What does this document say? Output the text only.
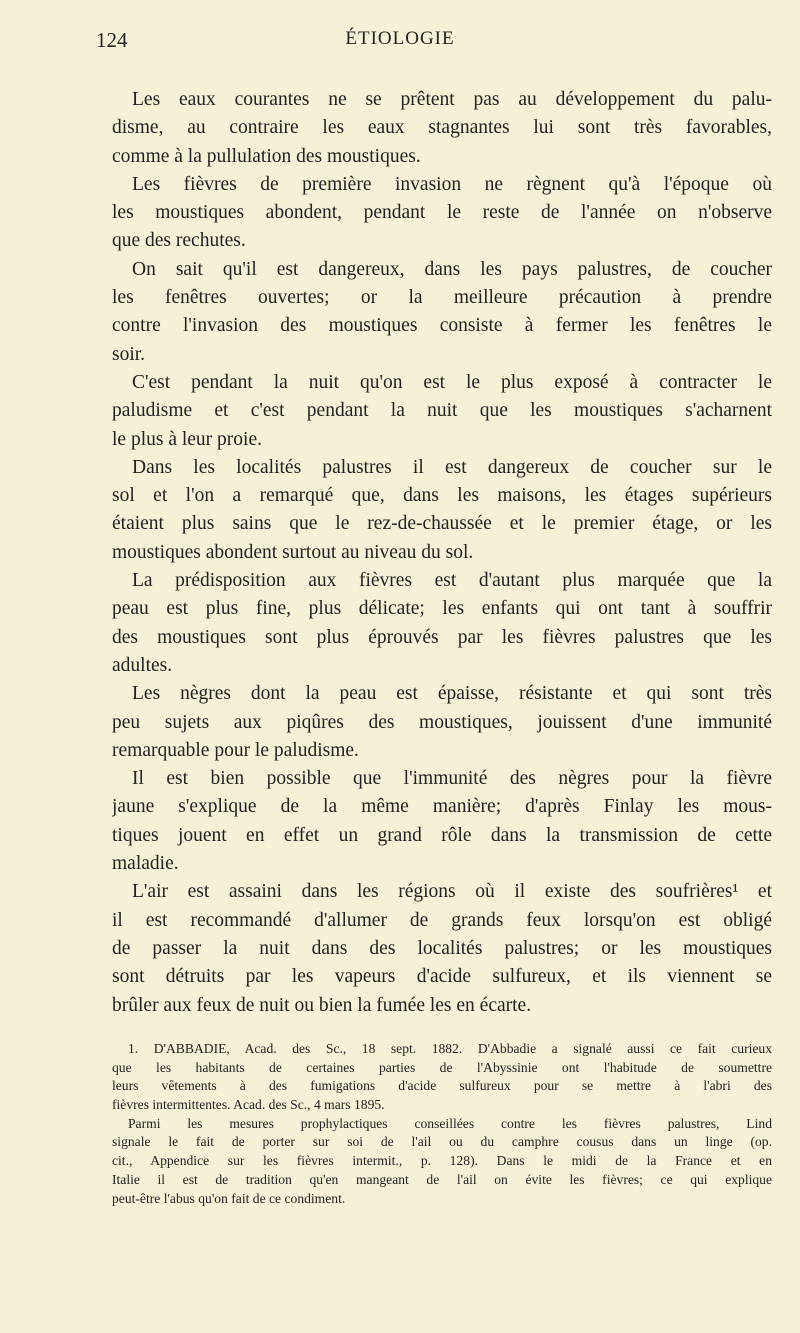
124	ÉTIOLOGIE
Les eaux courantes ne se prêtent pas au développement du palu-
disme, au contraire les eaux stagnantes lui sont très favorables,
comme à la pullulation des moustiques.
Les fièvres de première invasion ne règnent qu'à l'époque où
les moustiques abondent, pendant le reste de l'année on n'observe
que des rechutes.
On sait qu'il est dangereux, dans les pays palustres, de coucher
les fenêtres ouvertes; or la meilleure précaution à prendre
contre l'invasion des moustiques consiste à fermer les fenêtres le
soir.
C'est pendant la nuit qu'on est le plus exposé à contracter le
paludisme et c'est pendant la nuit que les moustiques s'acharnent
le plus à leur proie.
Dans les localités palustres il est dangereux de coucher sur le
sol et l'on a remarqué que, dans les maisons, les étages supérieurs
étaient plus sains que le rez-de-chaussée et le premier étage, or les
moustiques abondent surtout au niveau du sol.
La prédisposition aux fièvres est d'autant plus marquée que la
peau est plus fine, plus délicate; les enfants qui ont tant à souffrir
des moustiques sont plus éprouvés par les fièvres palustres que les
adultes.
Les nègres dont la peau est épaisse, résistante et qui sont très
peu sujets aux piqûres des moustiques, jouissent d'une immunité
remarquable pour le paludisme.
Il est bien possible que l'immunité des nègres pour la fièvre
jaune s'explique de la même manière; d'après Finlay les mous-
tiques jouent en effet un grand rôle dans la transmission de cette
maladie.
L'air est assaini dans les régions où il existe des soufrières¹ et
il est recommandé d'allumer de grands feux lorsqu'on est obligé
de passer la nuit dans des localités palustres; or les moustiques
sont détruits par les vapeurs d'acide sulfureux, et ils viennent se
brûler aux feux de nuit ou bien la fumée les en écarte.
1. D'ABBADIE, Acad. des Sc., 18 sept. 1882. D'Abbadie a signalé aussi ce fait curieux
que les habitants de certaines parties de l'Abyssinie ont l'habitude de soumettre
leurs vêtements à des fumigations d'acide sulfureux pour se mettre à l'abri des
fièvres intermittentes. Acad. des Sc., 4 mars 1895.
Parmi les mesures prophylactiques conseillées contre les fièvres palustres, Lind
signale le fait de porter sur soi de l'ail ou du camphre cousus dans un linge (op.
cit., Appendice sur les fièvres intermit., p. 128). Dans le midi de la France et en
Italie il est de tradition qu'en mangeant de l'ail on évite les fièvres; ce qui explique
peut-être l'abus qu'on fait de ce condiment.
